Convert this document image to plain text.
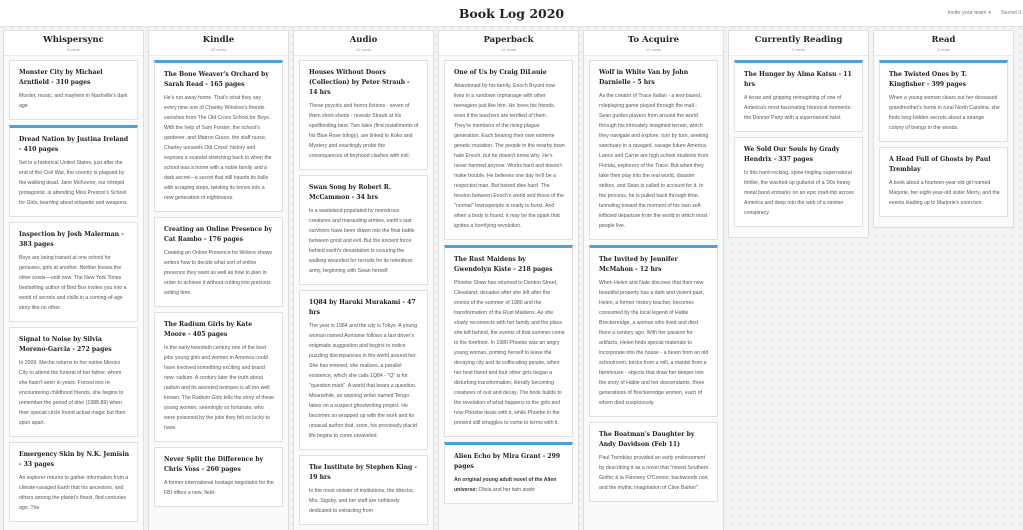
Book Log 2020	Invite your team ▾ Secret li
Whispersync
8 cards
Monster City by Michael Arntfield - 310 pages
Murder, music, and mayhem in Nashville's dark age
Dread Nation by Justina Ireland - 410 pages
Set in a historical United States, just after the end of the Civil War, the country is plagued by the walking dead. Jane McKeene, our intrepid protagonist, is attending Miss Preston's School for Girls, learning about etiquette and weapons.
Inspection by Josh Malerman - 383 pages
Boys are being trained at one school for geniuses, girls at another. Neither knows the other exists—until now. The New York Times bestselling author of Bird Box invites you into a world of secrets and chills in a coming-of-age story like no other.
Signal to Noise by Silvia Moreno-Garcia - 272 pages
In 2009, Meche returns to her native Mexico City to attend the funeral of her father, whom she hasn't seen in years. Forced into re-encountering childhood friends, she begins to remember the period of time (1988-89) when their special circle found actual magic but then spun apart.
Emergency Skin by N.K. Jemisin - 33 pages
An explorer returns to gather information from a climate-ravaged Earth that his ancestors, and others among the planet's finest, fled centuries ago. The
Kindle
32 cards
The Bone Weaver's Orchard by Sarah Read - 165 pages
He's run away home. That's what they say every time one of Charley Winslow's friends vanishes from The Old Cross School for Boys. With the help of Sam Forster, the school's gardener, and Matron Grace, the staff nurse, Charley unravels Old Cross' history and exposes a scandal stretching back to when the school was a home with a noble family and a dark secret—a secret that still haunts its halls with scraping steps, twisting its bones into a new generation of nightmares.
Creating an Online Presence by Cat Rambo - 176 pages
Creating an Online Presence for Writers shows writers how to decide what sort of online presence they want as well as how to plan in order to achieve it without cutting into precious writing time.
The Radium Girls by Kate Moore - 405 pages
In the early twentieth century one of the best jobs young girls and women in America could have involved something exciting and brand new: radium. A century later the truth about radium and its assorted isotopes is all too well known. The Radium Girls tells the story of these young women, seemingly so fortunate, who were poisoned by the jobs they felt so lucky to have.
Never Split the Difference by Chris Voss - 260 pages
A former international hostage negotiator for the FBI offers a new, field-
Audio
12 cards
Houses Without Doors (Collection) by Peter Straub - 14 hrs
These psychic and horror fictions - seven of them short-shorts - reveals Straub at his spellbinding best. Two tales (first installments of his Blue Rose trilogy), are linked to Koko and Mystery and exactingly probe the consequences of boyhood clashes with evil.
Swan Song by Robert R. McCammon - 34 hrs
In a wasteland populated by monstrous creatures and marauding armies, earth's last survivors have been drawn into the final battle between good and evil. But the ancient force behind earth's devastation is scouring the walking wounded for recruits for its relentless army, beginning with Swan herself.
1Q84 by Haruki Murakami - 47 hrs
The year is 1984 and the city is Tokyo. A young woman named Aomame follows a taxi driver's enigmatic suggestion and begins to notice puzzling discrepancies in the world around her. She has entered, she realizes, a parallel existence, which she calls 1Q84 - "Q" is for "question mark". A world that bears a question. Meanwhile, an aspiring writer named Tengo takes on a suspect ghostwriting project. He becomes so wrapped up with the work and its unusual author that, soon, his previously placid life begins to come unraveled.
The Institute by Stephen King - 19 hrs
In the most sinister of institutions, the director, Mrs. Sigsby, and her staff are ruthlessly dedicated to extracting from
Paperback
14 cards
One of Us by Craig DiLouie
Abandoned by his family, Enoch Bryant now lives in a rundown orphanage with other teenagers just like him. He loves his friends, even if the teachers are terrified of them. They're members of the rising plague generation. Each bearing their own extreme genetic mutation. The people in the nearby town hate Enoch, but he doesn't know why. He's never harmed anyone. Works hard and doesn't make trouble. He believes one day he'll be a respected man. But hatred dies hard. The tension between Enoch's world and those of the "normal" townspeople is ready to burst. And when a body is found, it may be the spark that ignites a horrifying revolution.
The Rust Maidens by Gwendolyn Kiste - 218 pages
Phoebe Shaw has returned to Denton Street, Cleveland, decades after she left after the events of the summer of 1980 and the transformation of the Rust Maidens. As she slowly reconnects with her family and the place she left behind, the events of that summer come to the forefront. In 1980 Phoebe was an angry young woman, priming herself to leave the decaying city and its suffocating people, when her best friend and four other girls began a disturbing transformation, literally becoming creatures of rust and decay. The book builds to the revelation of what happens to the girls and how Phoebe deals with it, while Phoebe in the present still struggles to come to terms with it.
Alien Echo by Mira Grant - 299 pages
An original young adult novel of the Alien universe: Olivia and her twin sister
To Acquire
14 cards
Wolf in White Van by John Darnielle - 5 hrs
As the creator of Trace Italian - a text-based, roleplaying game played through the mail - Sean guides players from around the world through his intricately imagined terrain, which they navigate and explore, turn by turn, seeking sanctuary in a ravaged, savage future America. Lance and Carrie are high school students from Florida, explorers of the Trace. But when they take their play into the real world, disaster strikes, and Sean is called to account for it. In the process, he is pulled back through time, tunneling toward the moment of his own self-inflicted departure from the world in which most people live.
The Invited by Jennifer McMahon - 12 hrs
When Helen and Nate discover that their new beautiful property has a dark and violent past, Helen, a former history teacher, becomes consumed by the local legend of Hattie Breckenridge, a woman who lived and died there a century ago. With her passion for artifacts, Helen finds special materials to incorporate into the house - a beam from an old schoolroom, bricks from a mill, a mantel from a farmhouse - objects that draw her deeper into the story of Hattie and her descendants, three generations of Breckenridge women, each of whom died suspiciously.
The Boatman's Daughter by Andy Davidson (Feb 11)
Paul Tremblay provided an early endorsement by describing it as a novel that "mixed Southern Gothic à la Flannery O'Connor, backwoods noir, and the mythic imagination of Clive Barker".
Currently Reading
2 cards
The Hunger by Alma Katsu - 11 hrs
A tense and gripping reimagining of one of America's most fascinating historical moments: the Donner Party with a supernatural twist.
We Sold Our Souls by Grady Hendrix - 337 pages
In this hard-rocking, spine-tingling supernatural thriller, the washed-up guitarist of a '90s heavy metal band embarks on an epic road-trip across America and deep into the web of a sinister conspiracy.
Read
2 cards
The Twisted Ones by T. Kingfisher - 399 pages
When a young woman clears out her deceased grandmother's home in rural North Carolina, she finds long-hidden secrets about a strange colony of beings in the woods.
A Head Full of Ghosts by Paul Tremblay
A book about a fourteen-year-old girl named Marjorie, her eight-year-old sister Merry, and the events leading up to Marjorie's exorcism.
